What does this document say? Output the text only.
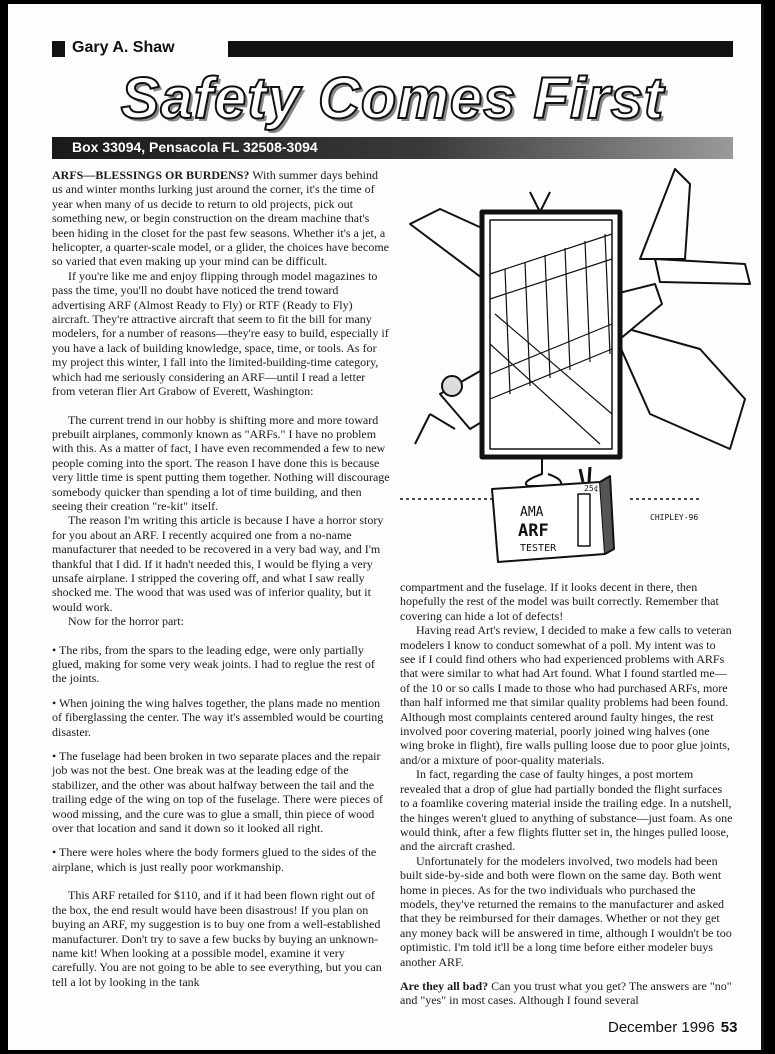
Gary A. Shaw
Safety Comes First
Box 33094, Pensacola FL 32508-3094
AMA
ARF
TESTER
25¢
CHIPLEY-96

ARFS—BLESSINGS OR BURDENS? With summer days behind us and winter months lurking just around the corner, it's the time of year when many of us decide to return to old projects, pick out something new, or begin construction on the dream machine that's been hiding in the closet for the past few seasons. Whether it's a jet, a helicopter, a quarter-scale model, or a glider, the choices have become so varied that even making up your mind can be difficult.

If you're like me and enjoy flipping through model magazines to pass the time, you'll no doubt have noticed the trend toward advertising ARF (Almost Ready to Fly) or RTF (Ready to Fly) aircraft. They're attractive aircraft that seem to fit the bill for many modelers, for a number of reasons—they're easy to build, especially if you have a lack of building knowledge, space, time, or tools. As for my project this winter, I fall into the limited-building-time category, which had me seriously considering an ARF—until I read a letter from veteran flier Art Grabow of Everett, Washington:

The current trend in our hobby is shifting more and more toward prebuilt airplanes, commonly known as "ARFs." I have no problem with this. As a matter of fact, I have even recommended a few to new people coming into the sport. The reason I have done this is because very little time is spent putting them together. Nothing will discourage somebody quicker than spending a lot of time building, and then seeing their creation "re-kit" itself.

The reason I'm writing this article is because I have a horror story for you about an ARF. I recently acquired one from a no-name manufacturer that needed to be recovered in a very bad way, and I'm thankful that I did. If it hadn't needed this, I would be flying a very unsafe airplane. I stripped the covering off, and what I saw really shocked me. The wood that was used was of inferior quality, but it would work.

Now for the horror part:

• The ribs, from the spars to the leading edge, were only partially glued, making for some very weak joints. I had to reglue the rest of the joints.

• When joining the wing halves together, the plans made no mention of fiberglassing the center. The way it's assembled would be courting disaster.

• The fuselage had been broken in two separate places and the repair job was not the best. One break was at the leading edge of the stabilizer, and the other was about halfway between the tail and the trailing edge of the wing on top of the fuselage. There were pieces of wood missing, and the cure was to glue a small, thin piece of wood over that location and sand it down so it looked all right.

• There were holes where the body formers glued to the sides of the airplane, which is just really poor workmanship.

This ARF retailed for $110, and if it had been flown right out of the box, the end result would have been disastrous! If you plan on buying an ARF, my suggestion is to buy one from a well-established manufacturer. Don't try to save a few bucks by buying an unknown-name kit! When looking at a possible model, examine it very carefully. You are not going to be able to see everything, but you can tell a lot by looking in the tank

compartment and the fuselage. If it looks decent in there, then hopefully the rest of the model was built correctly. Remember that covering can hide a lot of defects!

Having read Art's review, I decided to make a few calls to veteran modelers I know to conduct somewhat of a poll. My intent was to see if I could find others who had experienced problems with ARFs that were similar to what had Art found. What I found startled me—of the 10 or so calls I made to those who had purchased ARFs, more than half informed me that similar quality problems had been found. Although most complaints centered around faulty hinges, the rest involved poor covering material, poorly joined wing halves (one wing broke in flight), fire walls pulling loose due to poor glue joints, and/or a mixture of poor-quality materials.

In fact, regarding the case of faulty hinges, a post mortem revealed that a drop of glue had partially bonded the flight surfaces to a foamlike covering material inside the trailing edge. In a nutshell, the hinges weren't glued to anything of substance—just foam. As one would think, after a few flights flutter set in, the hinges pulled loose, and the aircraft crashed.

Unfortunately for the modelers involved, two models had been built side-by-side and both were flown on the same day. Both went home in pieces. As for the two individuals who purchased the models, they've returned the remains to the manufacturer and asked that they be reimbursed for their damages. Whether or not they get any money back will be answered in time, although I wouldn't be too optimistic. I'm told it'll be a long time before either modeler buys another ARF.

Are they all bad? Can you trust what you get? The answers are "no" and "yes" in most cases. Although I found several

December 1996 53
